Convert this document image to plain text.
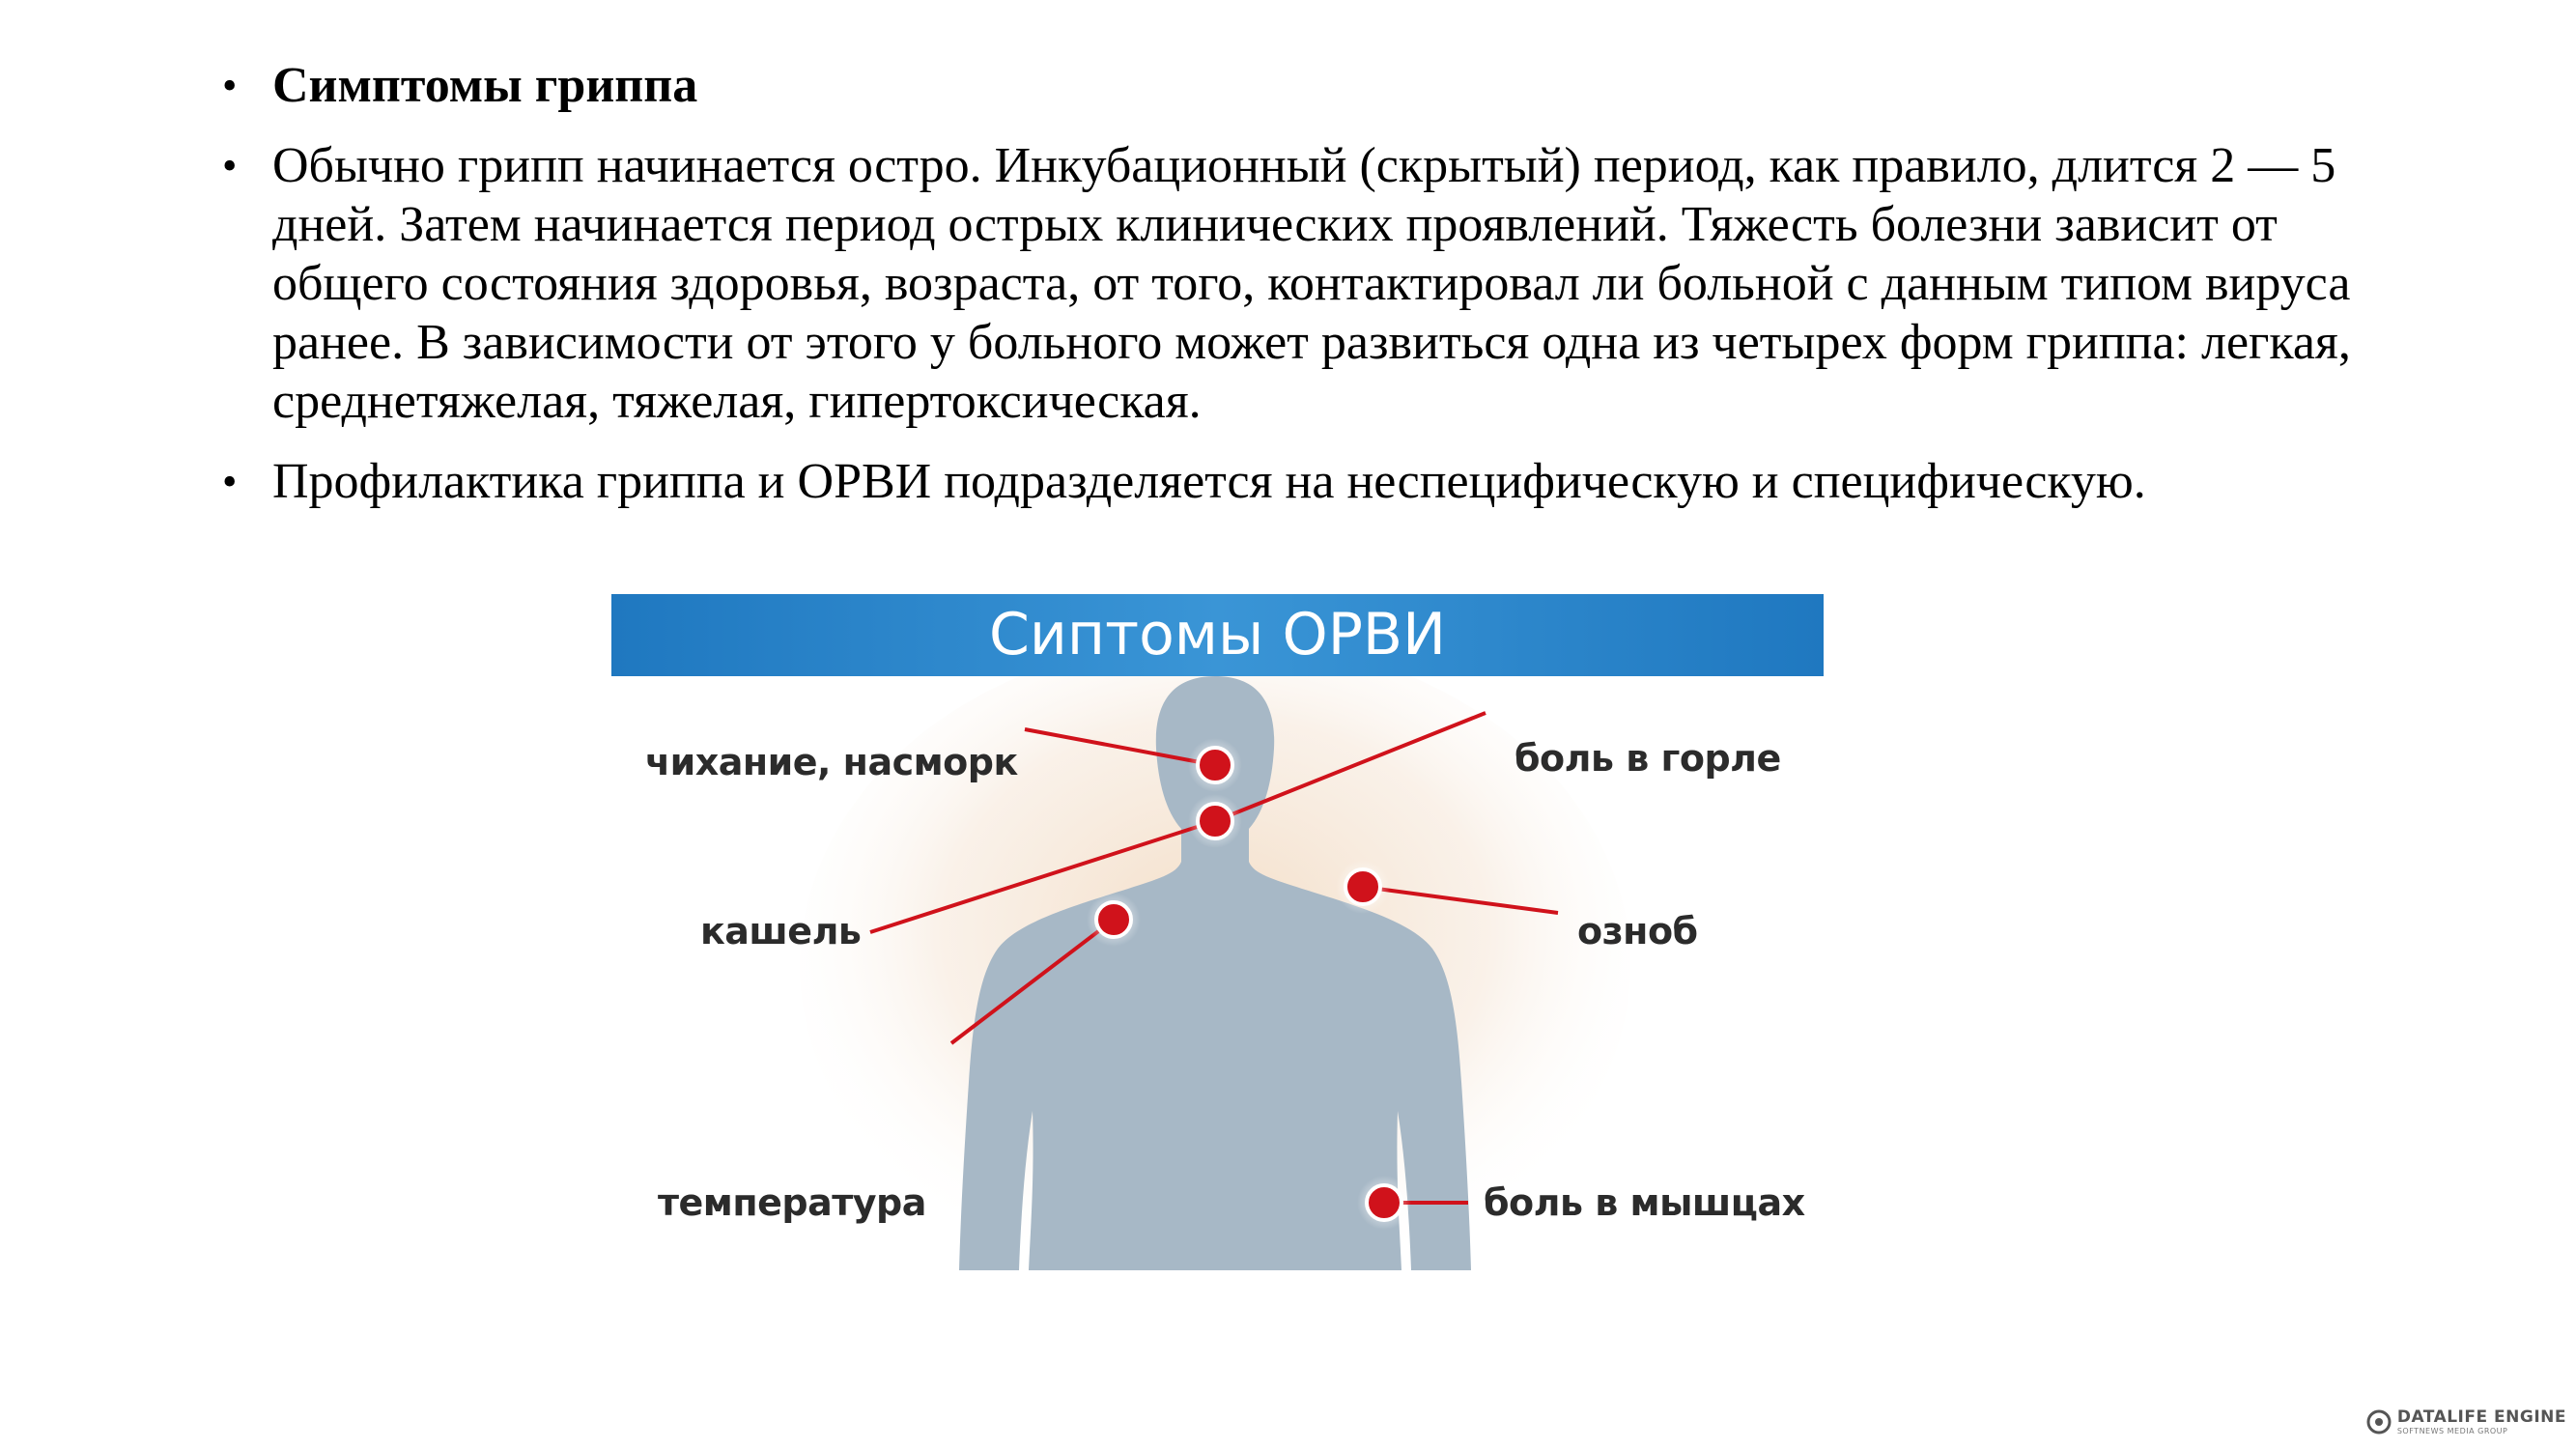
• Симптомы гриппа
• Обычно грипп начинается остро. Инкубационный (скрытый) период, как правило, длится 2 — 5 дней. Затем начинается период острых клинических проявлений. Тяжесть болезни зависит от общего состояния здоровья, возраста, от того, контактировал ли больной с данным типом вируса ранее. В зависимости от этого у больного может развиться одна из четырех форм гриппа: легкая, среднетяжелая, тяжелая, гипертоксическая.
• Профилактика гриппа и ОРВИ подразделяется на неспецифическую и специфическую.
Сиптомы ОРВИ
чихание, насморк	боль в горле
кашель	озноб
температура	боль в мышцах
DATALIFE ENGINE
SOFTNEWS MEDIA GROUP
